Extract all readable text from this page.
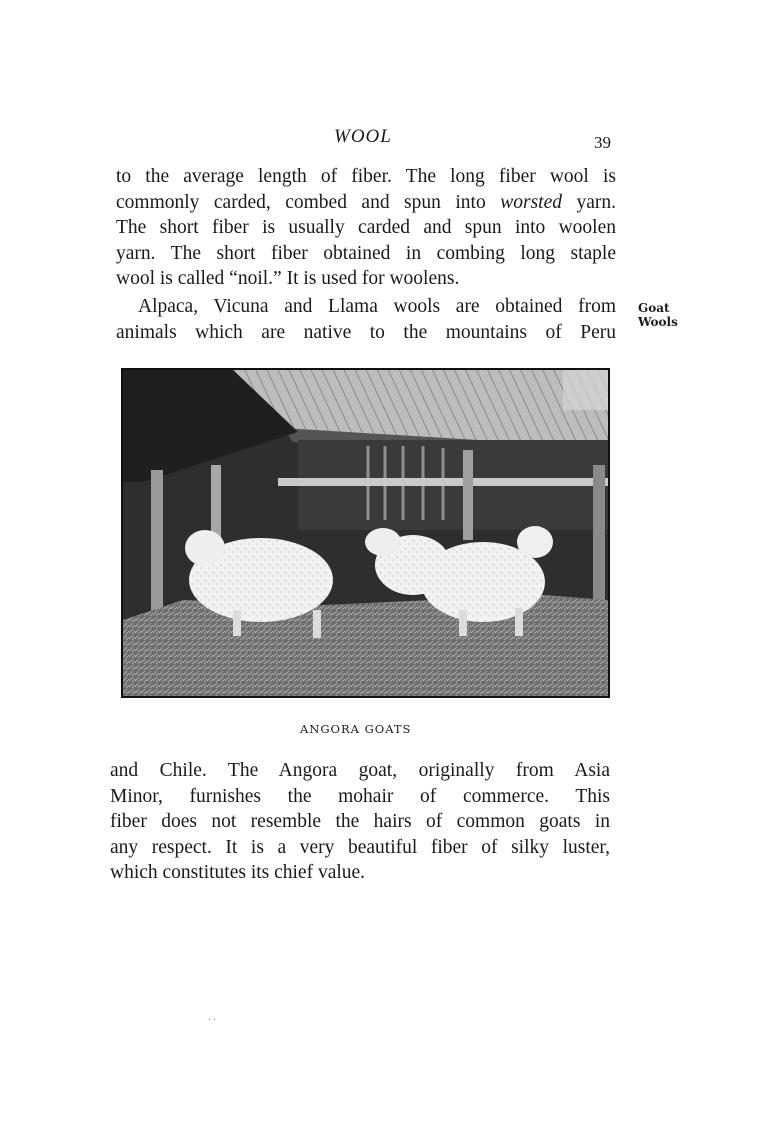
WOOL	39

to the average length of fiber. The long fiber wool is
commonly carded, combed and spun into worsted yarn.
The short fiber is usually carded and spun into woolen
yarn. The short fiber obtained in combing long staple
wool is called “noil.” It is used for woolens.

Alpaca, Vicuna and Llama wools are obtained from
animals which are native to the mountains of Peru

Goat
Wools
ANGORA GOATS

and Chile. The Angora goat, originally from Asia
Minor, furnishes the mohair of commerce. This
fiber does not resemble the hairs of common goats in
any respect. It is a very beautiful fiber of silky luster,
which constitutes its chief value.

. .
